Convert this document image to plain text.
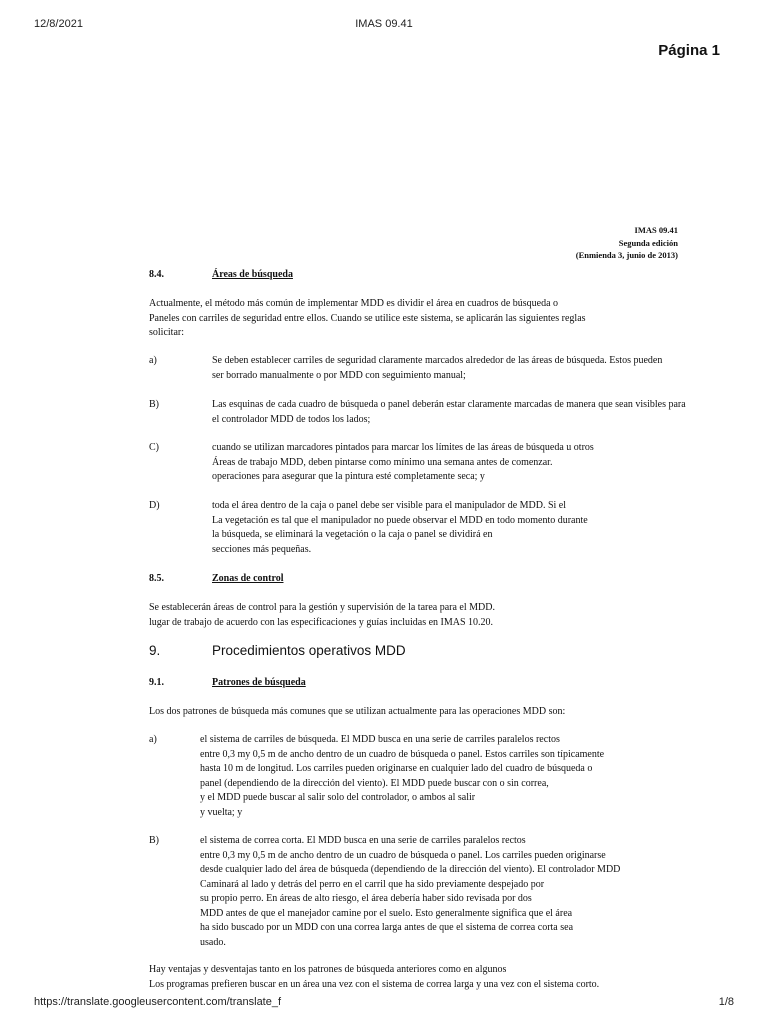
12/8/2021	IMAS 09.41
Página 1
IMAS 09.41
Segunda edición
(Enmienda 3, junio de 2013)
8.4.	Áreas de búsqueda
Actualmente, el método más común de implementar MDD es dividir el área en cuadros de búsqueda o
Paneles con carriles de seguridad entre ellos. Cuando se utilice este sistema, se aplicarán las siguientes reglas
solicitar:
a)	Se deben establecer carriles de seguridad claramente marcados alrededor de las áreas de búsqueda. Estos pueden
ser borrado manualmente o por MDD con seguimiento manual;
B)	Las esquinas de cada cuadro de búsqueda o panel deberán estar claramente marcadas de manera que sean visibles para
el controlador MDD de todos los lados;
C)	cuando se utilizan marcadores pintados para marcar los límites de las áreas de búsqueda u otros
Áreas de trabajo MDD, deben pintarse como mínimo una semana antes de comenzar.
operaciones para asegurar que la pintura esté completamente seca; y
D)	toda el área dentro de la caja o panel debe ser visible para el manipulador de MDD. Si el
La vegetación es tal que el manipulador no puede observar el MDD en todo momento durante
la búsqueda, se eliminará la vegetación o la caja o panel se dividirá en
secciones más pequeñas.
8.5.	Zonas de control
Se establecerán áreas de control para la gestión y supervisión de la tarea para el MDD.
lugar de trabajo de acuerdo con las especificaciones y guías incluidas en IMAS 10.20.
9.	Procedimientos operativos MDD
9.1.	Patrones de búsqueda
Los dos patrones de búsqueda más comunes que se utilizan actualmente para las operaciones MDD son:
a)	el sistema de carriles de búsqueda. El MDD busca en una serie de carriles paralelos rectos
entre 0,3 my 0,5 m de ancho dentro de un cuadro de búsqueda o panel. Estos carriles son típicamente
hasta 10 m de longitud. Los carriles pueden originarse en cualquier lado del cuadro de búsqueda o
panel (dependiendo de la dirección del viento). El MDD puede buscar con o sin correa,
y el MDD puede buscar al salir solo del controlador, o ambos al salir
y vuelta; y
B)	el sistema de correa corta. El MDD busca en una serie de carriles paralelos rectos
entre 0,3 my 0,5 m de ancho dentro de un cuadro de búsqueda o panel. Los carriles pueden originarse
desde cualquier lado del área de búsqueda (dependiendo de la dirección del viento). El controlador MDD
Caminará al lado y detrás del perro en el carril que ha sido previamente despejado por
su propio perro. En áreas de alto riesgo, el área debería haber sido revisada por dos
MDD antes de que el manejador camine por el suelo. Esto generalmente significa que el área
ha sido buscado por un MDD con una correa larga antes de que el sistema de correa corta sea
usado.
Hay ventajas y desventajas tanto en los patrones de búsqueda anteriores como en algunos
Los programas prefieren buscar en un área una vez con el sistema de correa larga y una vez con el sistema corto.
https://translate.googleusercontent.com/translate_f	1/8
